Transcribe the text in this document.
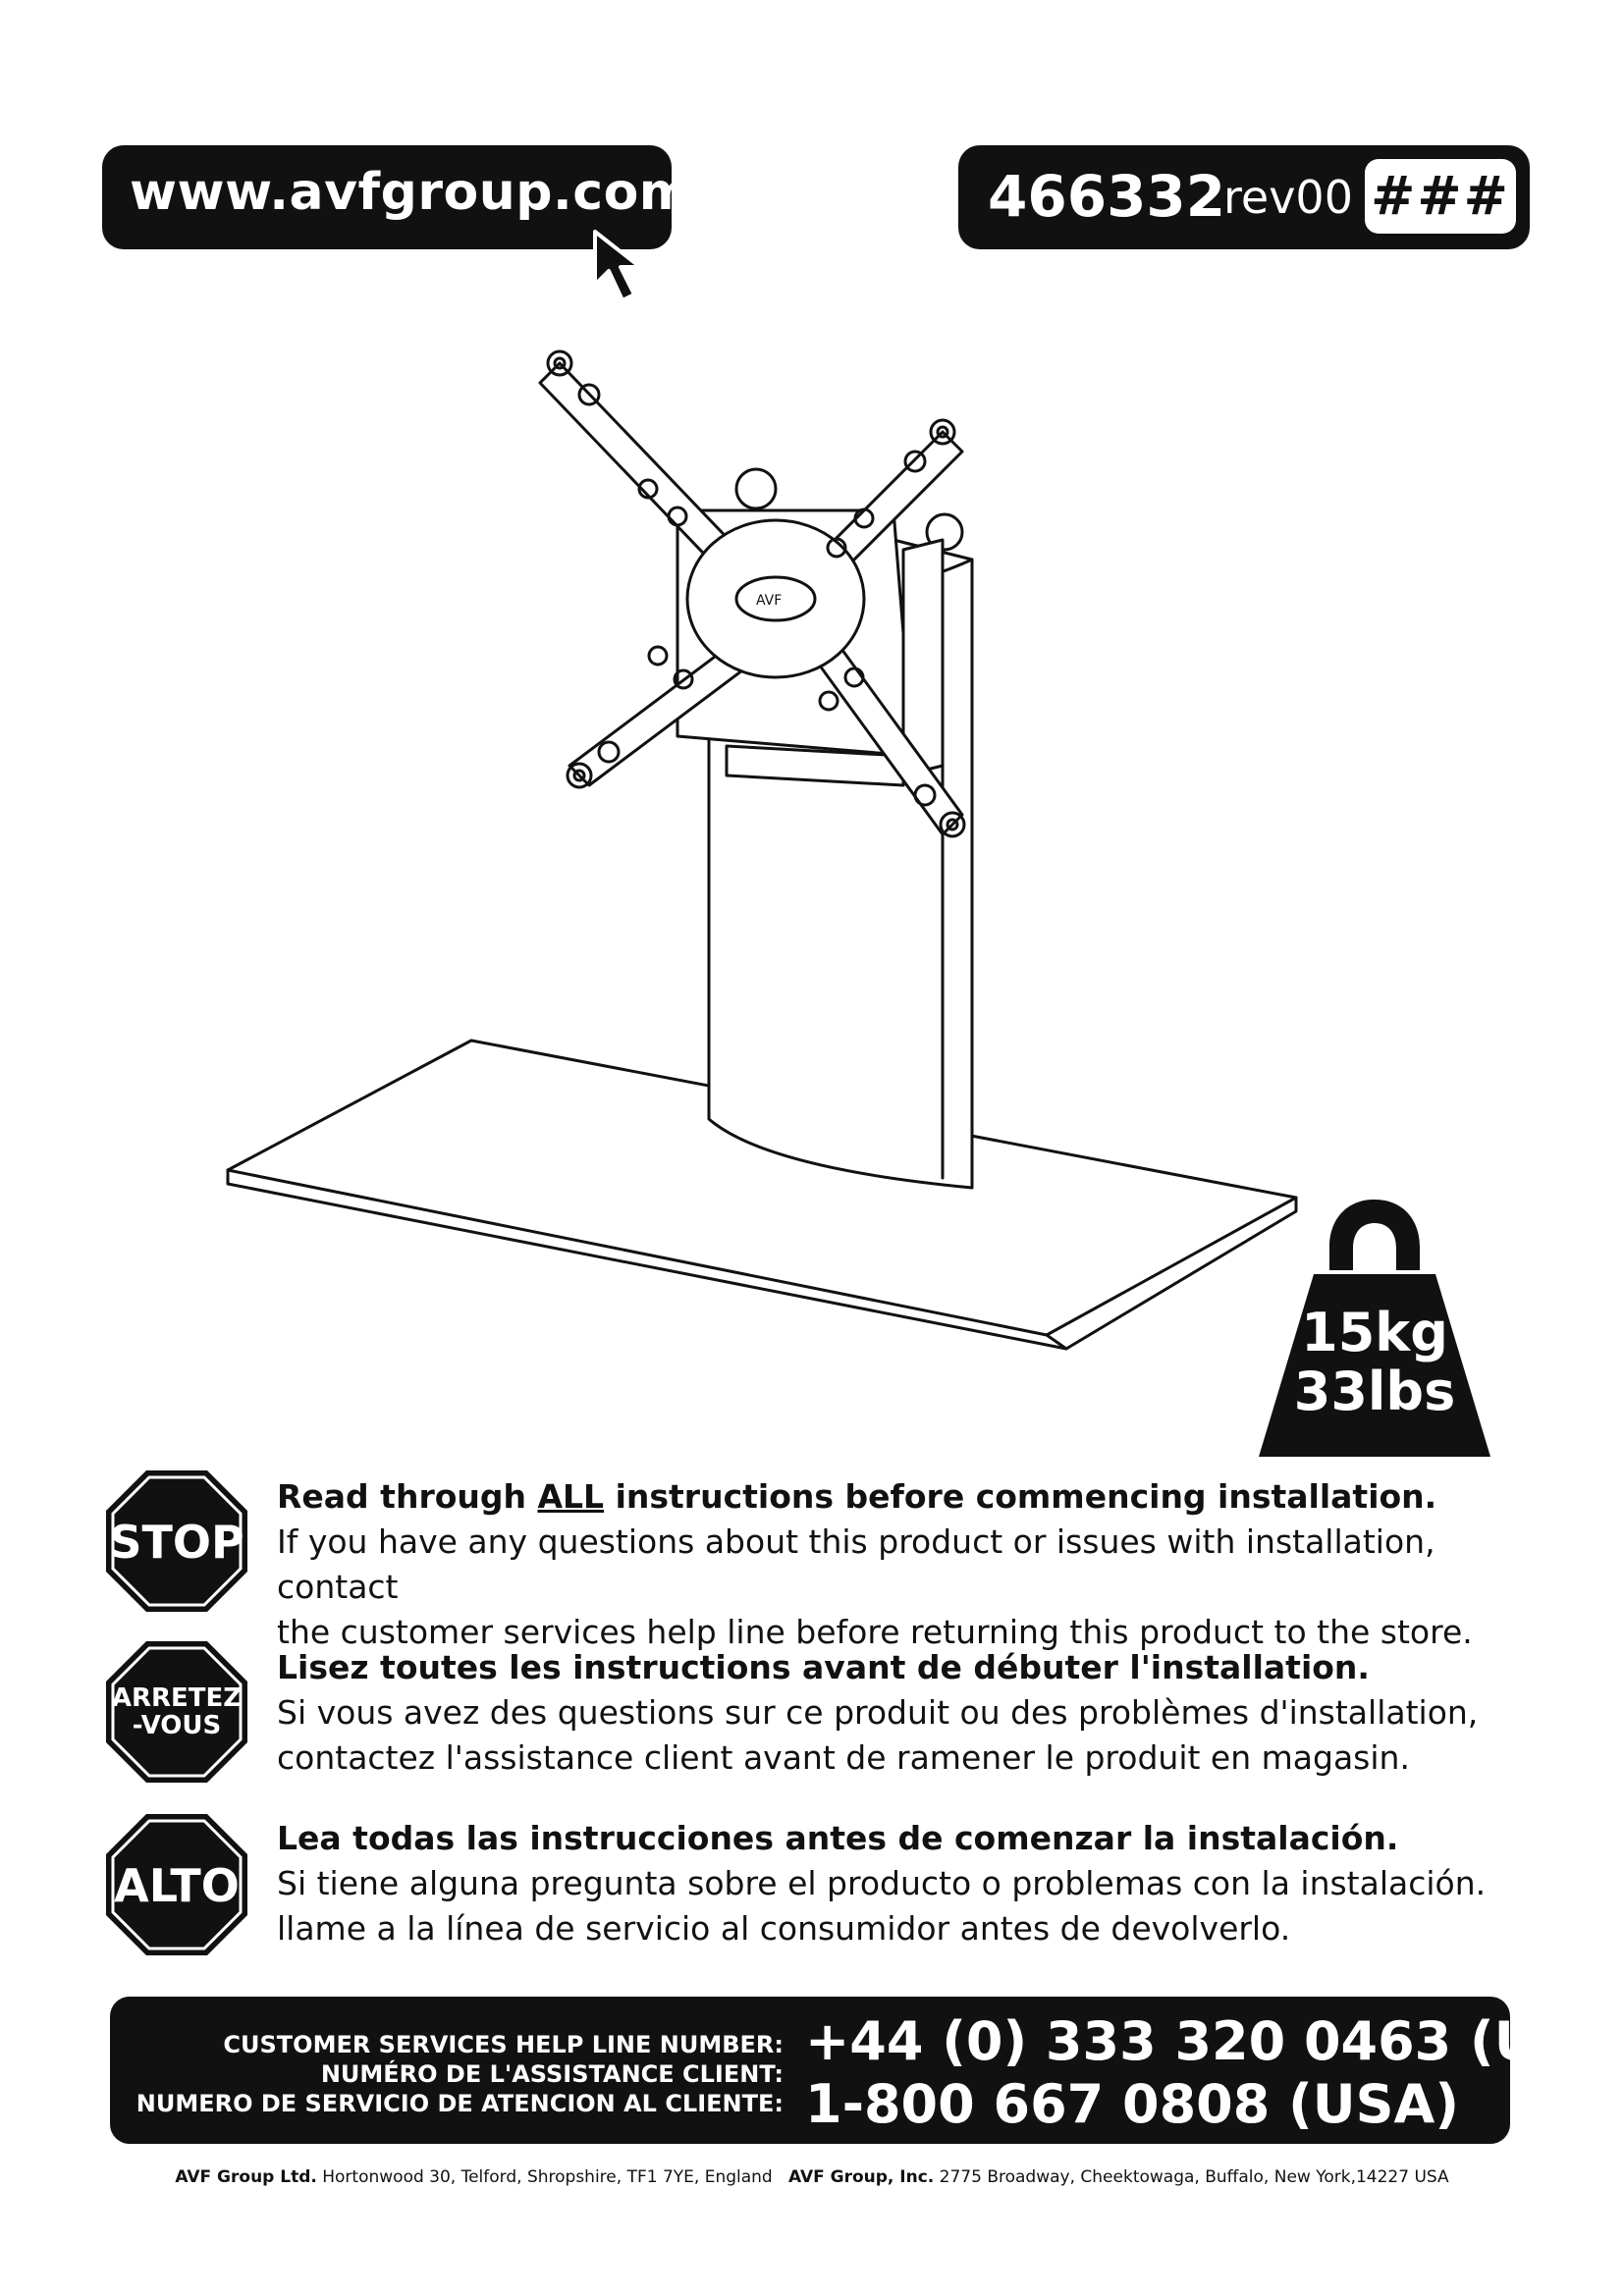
www.avfgroup.com	466332
rev00 ###
AVF
15kg
33lbs
STOP
ARRETEZ
-VOUS
ALTO
Read through ALL instructions before commencing installation.
If you have any questions about this product or issues with installation, contact
the customer services help line before returning this product to the store.
Lisez toutes les instructions avant de débuter l'installation.
Si vous avez des questions sur ce produit ou des problèmes d'installation,
contactez l'assistance client avant de ramener le produit en magasin.
Lea todas las instrucciones antes de comenzar la instalación.
Si tiene alguna pregunta sobre el producto o problemas con la instalación.
llame a la línea de servicio al consumidor antes de devolverlo.
CUSTOMER SERVICES HELP LINE NUMBER:
NUMÉRO DE L'ASSISTANCE CLIENT:
NUMERO DE SERVICIO DE ATENCION AL CLIENTE:
+44 (0) 333 320 0463 (UK)
1-800 667 0808 (USA)
AVF Group Ltd. Hortonwood 30, Telford, Shropshire, TF1 7YE, England AVF Group, Inc. 2775 Broadway, Cheektowaga, Buffalo, New York,14227 USA
